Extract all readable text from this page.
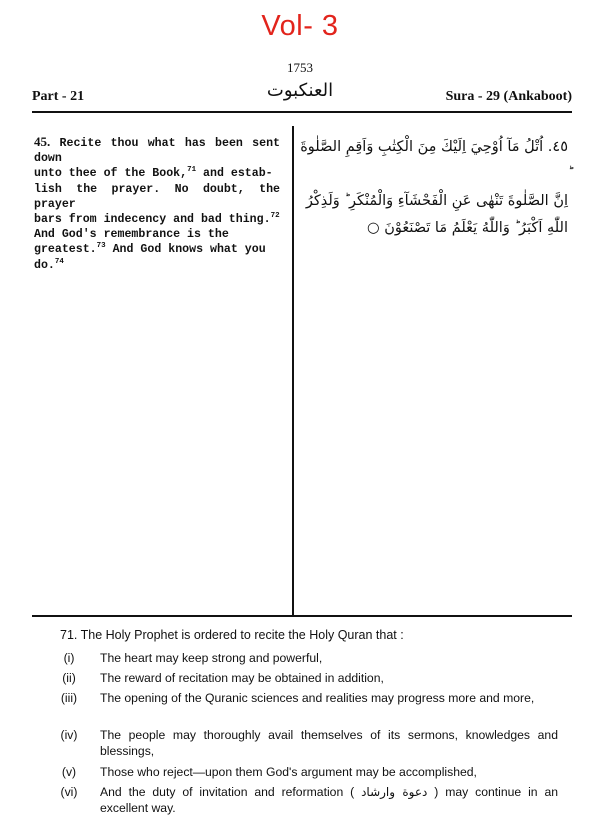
Vol- 3
1753
Part - 21	العنكبوت	Sura - 29 (Ankaboot)
45. Recite thou what has been sent down
unto thee of the Book,$^{71}$ and estab-
lish the prayer. No doubt, the prayer
bars from indecency and bad thing.$^{72}$
And God's remembrance is the
greatest.$^{73}$ And God knows what you
do.$^{74}$
٤٥. اُتْلُ مَآ اُوْحِيَ اِلَيْكَ مِنَ الْكِتٰبِ وَاَقِمِ الصَّلٰوةَ
اِنَّ الصَّلٰوةَ تَنْهٰى عَنِ الْفَحْشَآءِ وَالْمُنْكَرِ ؕ وَلَذِكْرُ
اللّٰهِ اَكْبَرُ ؕ وَاللّٰهُ يَعْلَمُ مَا تَصْنَعُوْنَ ○
71. The Holy Prophet is ordered to recite the Holy Quran that :
(i)	The heart may keep strong and powerful,
(ii)	The reward of recitation may be obtained in addition,
(iii)	The opening of the Quranic sciences and realities may progress more and more,
(iv)	The people may thoroughly avail themselves of its sermons, knowledges and blessings,
(v)	Those who reject—upon them God's argument may be accomplished,
(vi)	And the duty of invitation and reformation ( دعوة وارشاد ) may continue in an excellent way.
